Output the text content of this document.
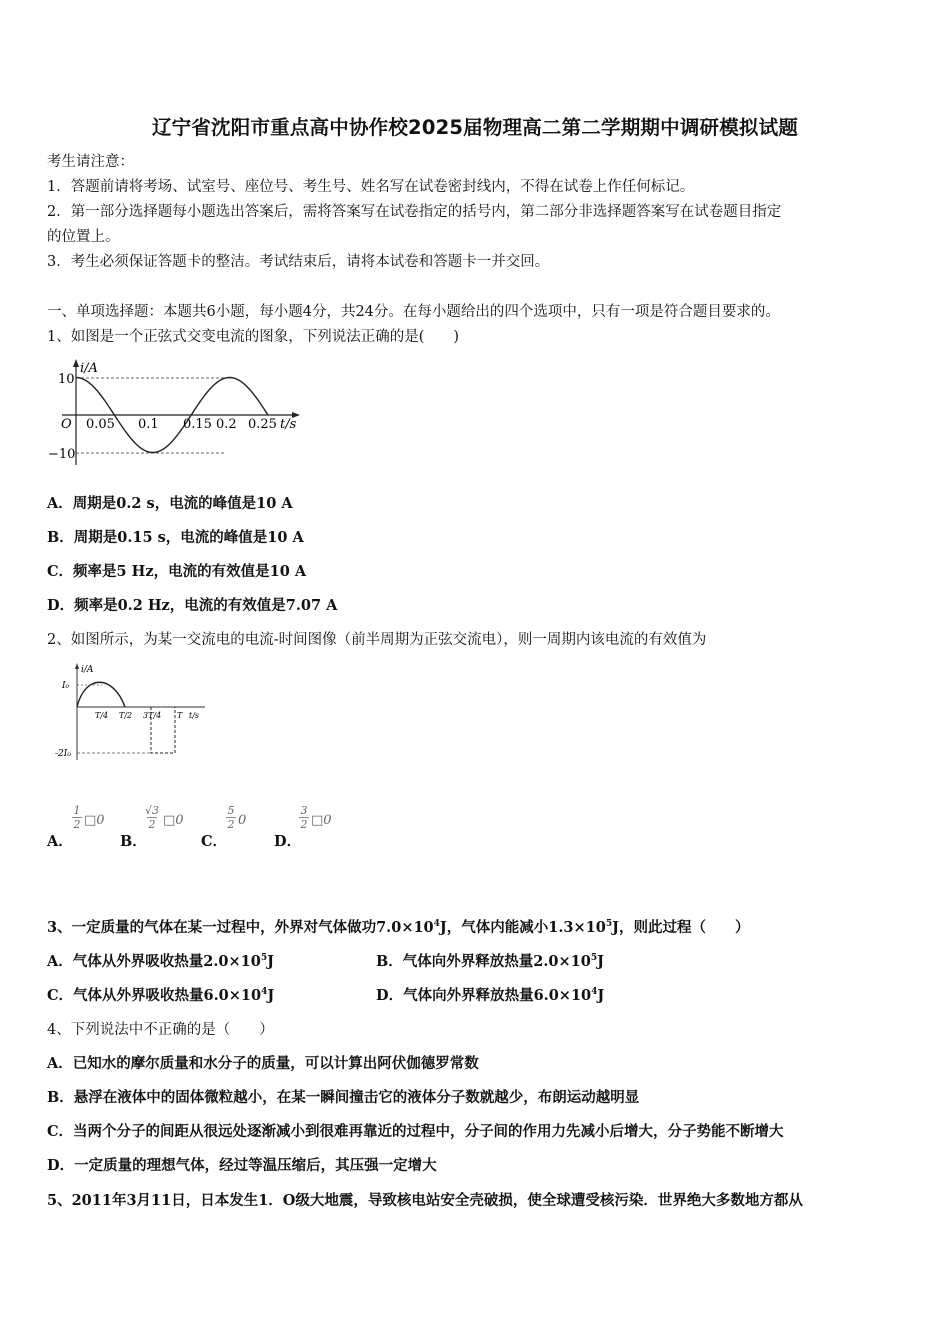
辽宁省沈阳市重点高中协作校2025届物理高二第二学期期中调研模拟试题
考生请注意：
1．答题前请将考场、试室号、座位号、考生号、姓名写在试卷密封线内，不得在试卷上作任何标记。
2．第一部分选择题每小题选出答案后，需将答案写在试卷指定的括号内，第二部分非选择题答案写在试卷题目指定
的位置上。
3．考生必须保证答题卡的整洁。考试结束后，请将本试卷和答题卡一并交回。
一、单项选择题：本题共6小题，每小题4分，共24分。在每小题给出的四个选项中，只有一项是符合题目要求的。
1、如图是一个正弦式交变电流的图象，下列说法正确的是(　　)
i/A
10
−10
O 0.05 0.1 0.15 0.2 0.25 t/s
A．周期是0.2 s，电流的峰值是10 A
B．周期是0.15 s，电流的峰值是10 A
C．频率是5 Hz，电流的有效值是10 A
D．频率是0.2 Hz，电流的有效值是7.07 A
2、如图所示，为某一交流电的电流-时间图像（前半周期为正弦交流电），则一周期内该电流的有效值为
i/A
I₀
-2I₀
T/4 T/2 3T/4 T t/s
A．
1
2 □0
B．
√3
2 □0
C．
5
2 0
D．
3
2 □0
3、一定质量的气体在某一过程中，外界对气体做功$7.0\times 10^4J$，气体内能减小$1.3\times 10^5J$，则此过程（　　）
A．气体从外界吸收热量$2.0\times 10^5J$	B．气体向外界释放热量$2.0\times 10^5J$
C．气体从外界吸收热量$6.0\times 10^4J$	D．气体向外界释放热量$6.0\times 10^4J$
4、下列说法中不正确的是（　　）
A．已知水的摩尔质量和水分子的质量，可以计算出阿伏伽德罗常数
B．悬浮在液体中的固体微粒越小，在某一瞬间撞击它的液体分子数就越少，布朗运动越明显
C．当两个分子的间距从很远处逐渐减小到很难再靠近的过程中，分子间的作用力先减小后增大，分子势能不断增大
D．一定质量的理想气体，经过等温压缩后，其压强一定增大
5、2011年3月11日，日本发生1．O级大地震，导致核电站安全壳破损，使全球遭受核污染．世界绝大多数地方都从
